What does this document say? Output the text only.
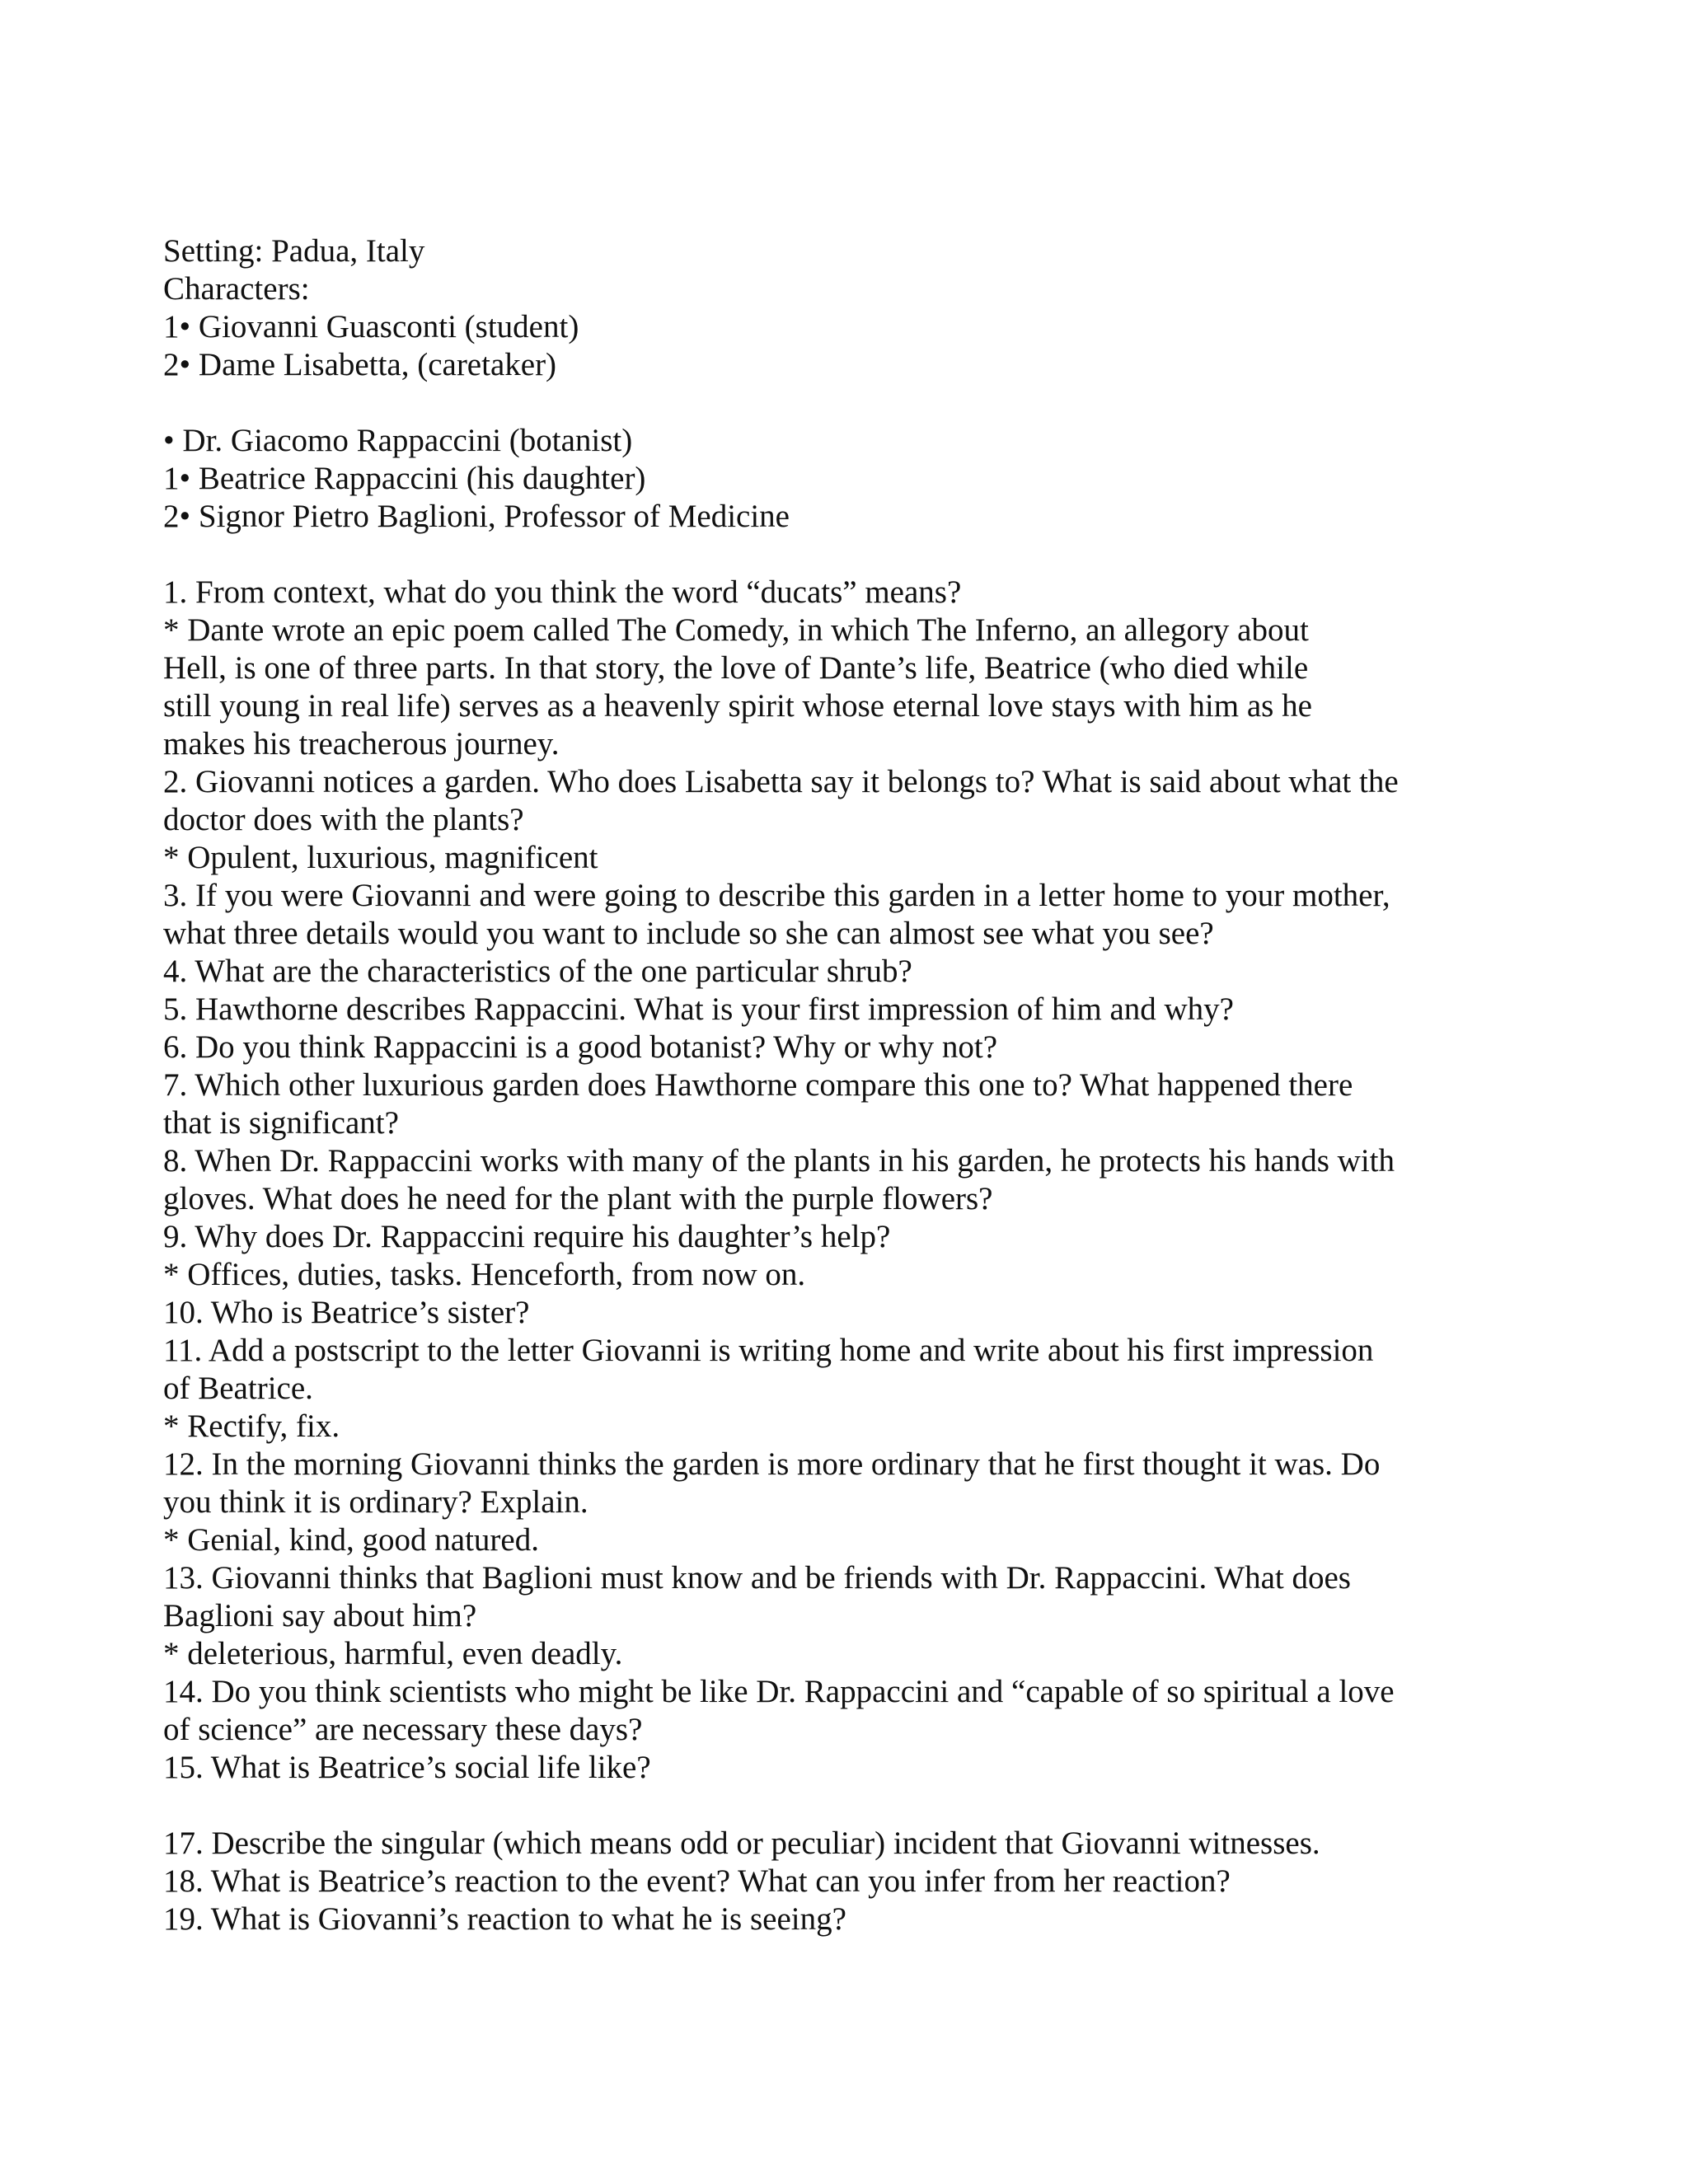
Setting: Padua, Italy
Characters:
1• Giovanni Guasconti (student)
2• Dame Lisabetta, (caretaker)
• Dr. Giacomo Rappaccini (botanist)
1• Beatrice Rappaccini (his daughter)
2• Signor Pietro Baglioni, Professor of Medicine
1. From context, what do you think the word “ducats” means?
* Dante wrote an epic poem called The Comedy, in which The Inferno, an allegory about
Hell, is one of three parts. In that story, the love of Dante’s life, Beatrice (who died while
still young in real life) serves as a heavenly spirit whose eternal love stays with him as he
makes his treacherous journey.
2. Giovanni notices a garden. Who does Lisabetta say it belongs to? What is said about what the
doctor does with the plants?
* Opulent, luxurious, magnificent
3. If you were Giovanni and were going to describe this garden in a letter home to your mother,
what three details would you want to include so she can almost see what you see?
4. What are the characteristics of the one particular shrub?
5. Hawthorne describes Rappaccini. What is your first impression of him and why?
6. Do you think Rappaccini is a good botanist? Why or why not?
7. Which other luxurious garden does Hawthorne compare this one to? What happened there
that is significant?
8. When Dr. Rappaccini works with many of the plants in his garden, he protects his hands with
gloves. What does he need for the plant with the purple flowers?
9. Why does Dr. Rappaccini require his daughter’s help?
* Offices, duties, tasks. Henceforth, from now on.
10. Who is Beatrice’s sister?
11. Add a postscript to the letter Giovanni is writing home and write about his first impression
of Beatrice.
* Rectify, fix.
12. In the morning Giovanni thinks the garden is more ordinary that he first thought it was. Do
you think it is ordinary? Explain.
* Genial, kind, good natured.
13. Giovanni thinks that Baglioni must know and be friends with Dr. Rappaccini. What does
Baglioni say about him?
* deleterious, harmful, even deadly.
14. Do you think scientists who might be like Dr. Rappaccini and “capable of so spiritual a love
of science” are necessary these days?
15. What is Beatrice’s social life like?
17. Describe the singular (which means odd or peculiar) incident that Giovanni witnesses.
18. What is Beatrice’s reaction to the event? What can you infer from her reaction?
19. What is Giovanni’s reaction to what he is seeing?
